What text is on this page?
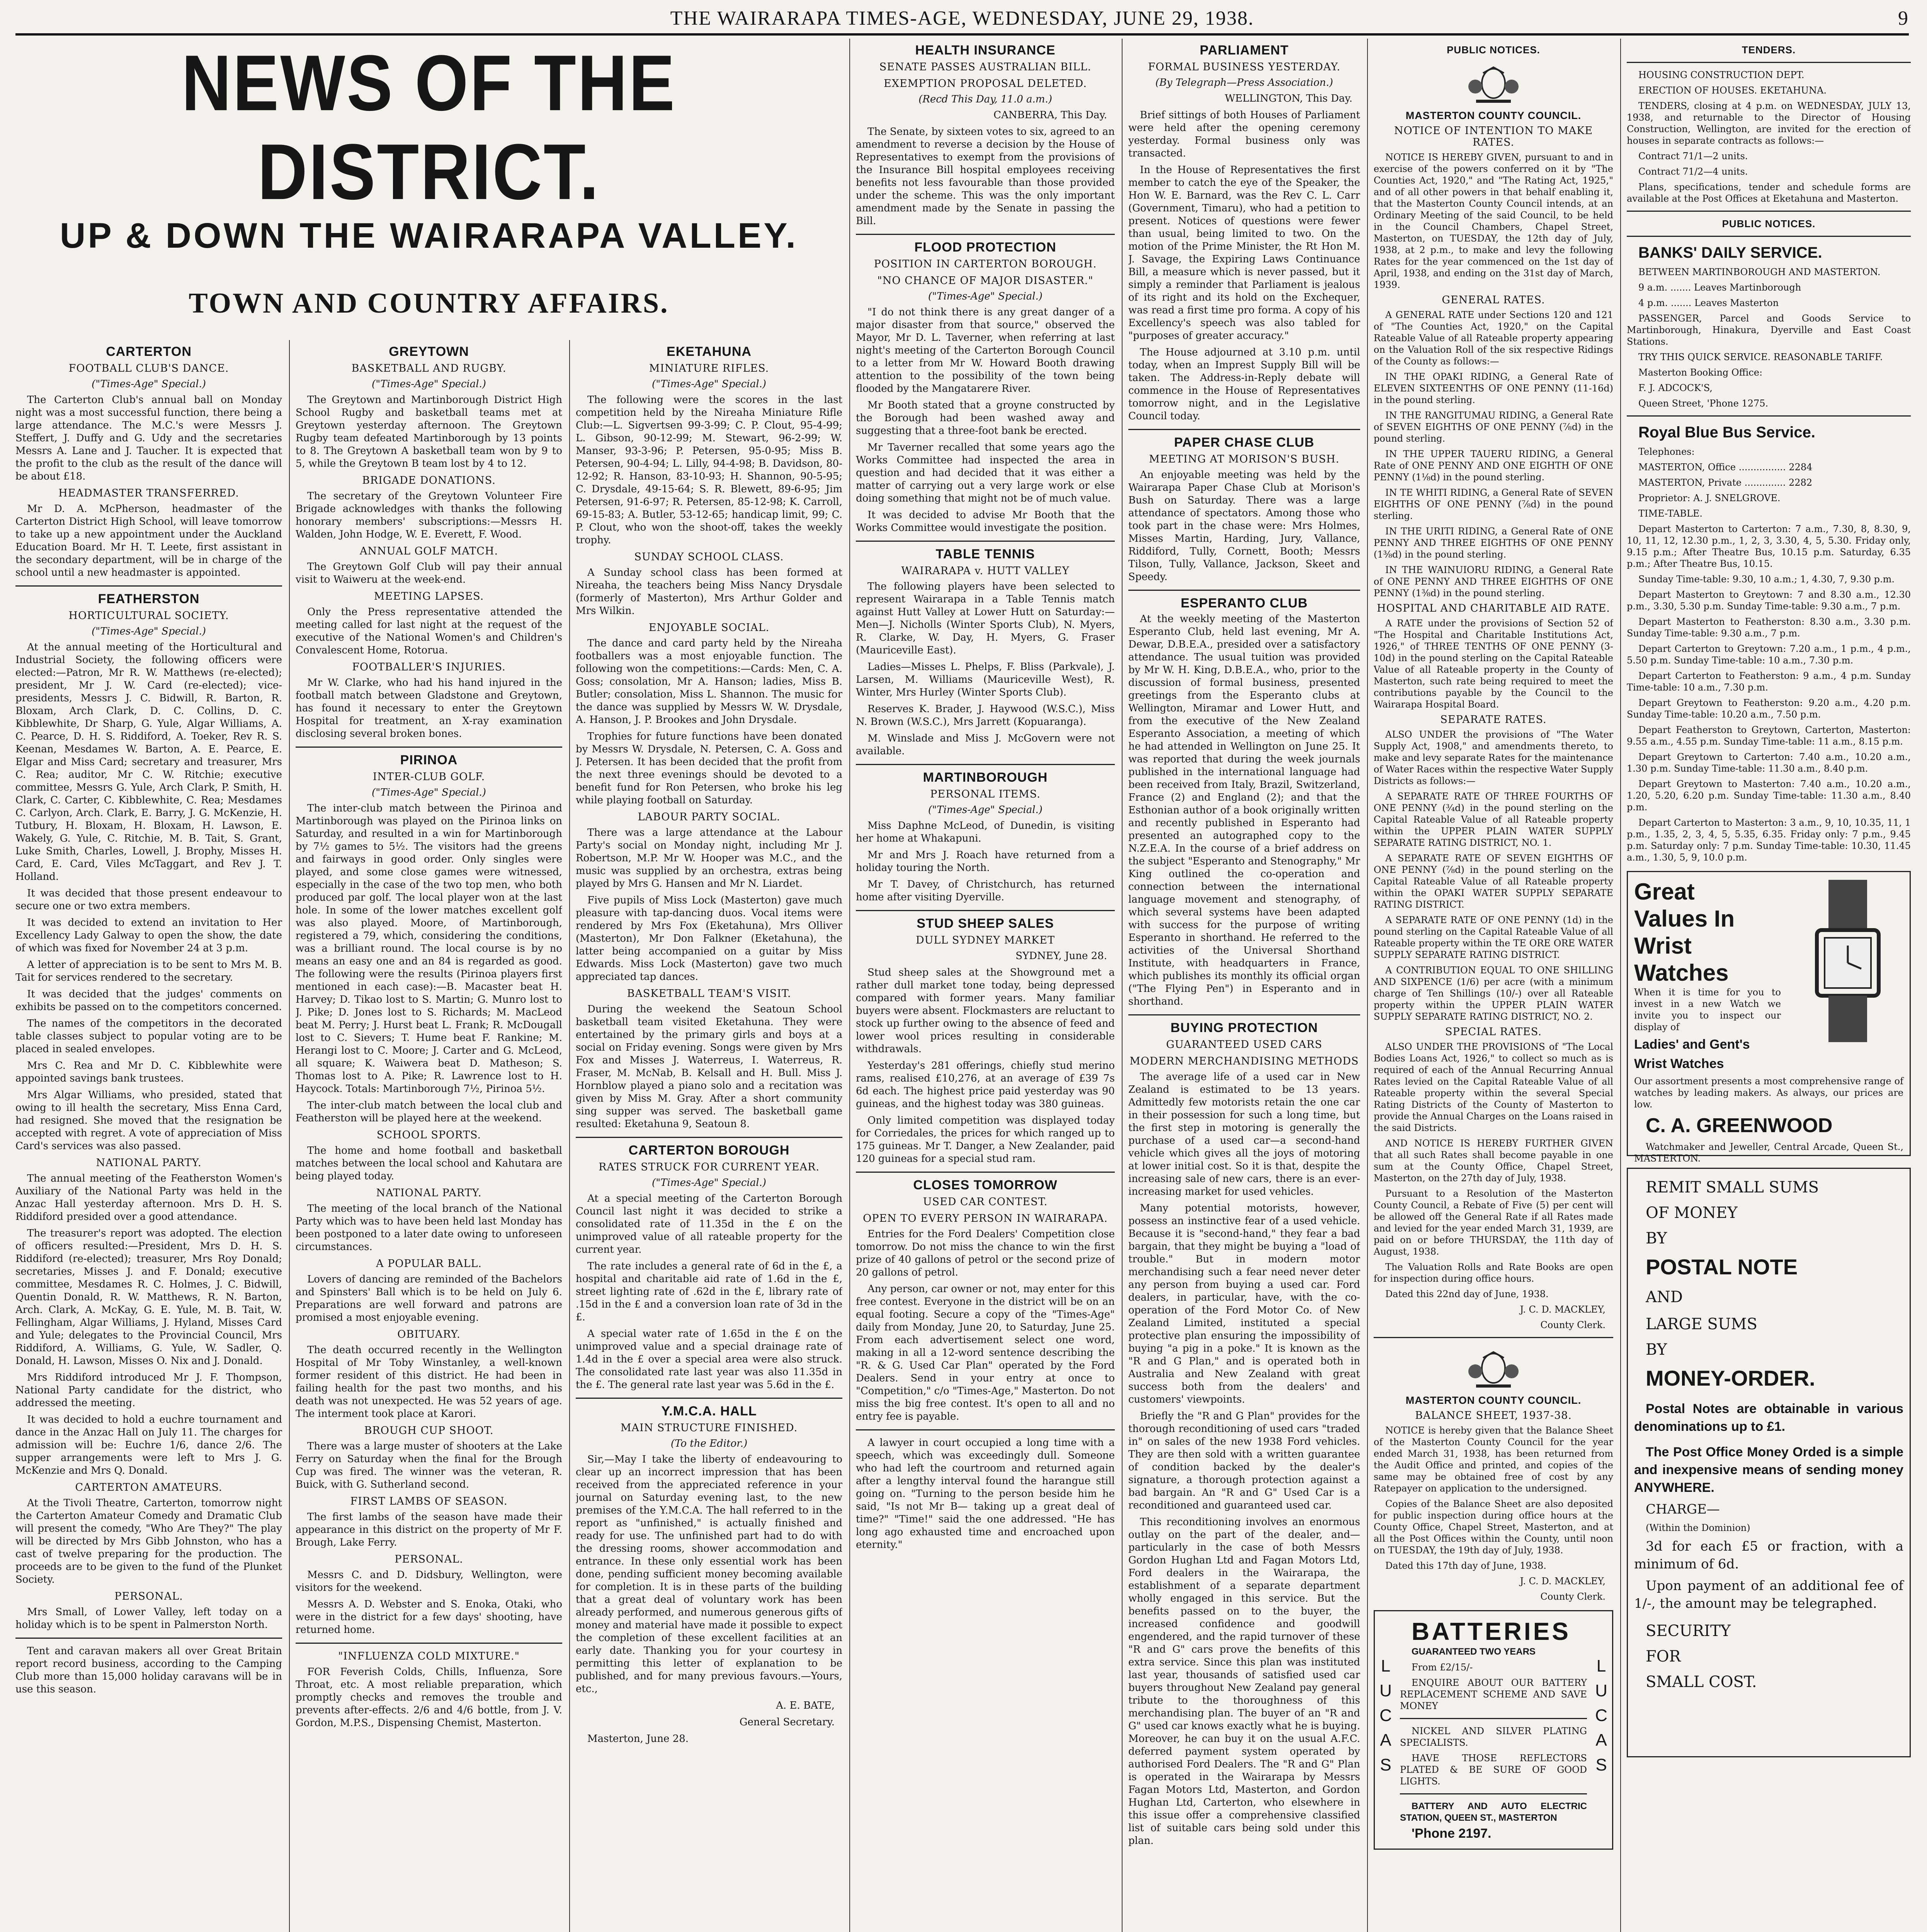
THE WAIRARAPA TIMES-AGE, WEDNESDAY, JUNE 29, 1938.	9
NEWS OF THE DISTRICT.
UP & DOWN THE WAIRARAPA VALLEY.
TOWN AND COUNTRY AFFAIRS.
CARTERTON

FOOTBALL CLUB'S DANCE.

("Times-Age" Special.)

The Carterton Club's annual ball on Monday night was a most successful function, there being a large attendance. The M.C.'s were Messrs J. Steffert, J. Duffy and G. Udy and the secretaries Messrs A. Lane and J. Taucher. It is expected that the profit to the club as the result of the dance will be about £18.

HEADMASTER TRANSFERRED.

Mr D. A. McPherson, headmaster of the Carterton District High School, will leave tomorrow to take up a new appointment under the Auckland Education Board. Mr H. T. Leete, first assistant in the secondary department, will be in charge of the school until a new headmaster is appointed.

FEATHERSTON

HORTICULTURAL SOCIETY.

("Times-Age" Special.)

At the annual meeting of the Horticultural and Industrial Society, the following officers were elected:—Patron, Mr R. W. Matthews (re-elected); president, Mr J. W. Card (re-elected); vice-presidents, Messrs J. C. Bidwill, R. Barton, R. Bloxam, Arch Clark, D. C. Collins, D. C. Kibblewhite, Dr Sharp, G. Yule, Algar Williams, A. C. Pearce, D. H. S. Riddiford, A. Toeker, Rev R. S. Keenan, Mesdames W. Barton, A. E. Pearce, E. Elgar and Miss Card; secretary and treasurer, Mrs C. Rea; auditor, Mr C. W. Ritchie; executive committee, Messrs G. Yule, Arch Clark, P. Smith, H. Clark, C. Carter, C. Kibblewhite, C. Rea; Mesdames C. Carlyon, Arch. Clark, E. Barry, J. G. McKenzie, H. Tutbury, H. Bloxam, H. Bloxam, H. Lawson, E. Wakely, G. Yule, C. Ritchie, M. B. Tait, S. Grant, Luke Smith, Charles, Lowell, J. Brophy, Misses H. Card, E. Card, Viles McTaggart, and Rev J. T. Holland.

It was decided that those present endeavour to secure one or two extra members.

It was decided to extend an invitation to Her Excellency Lady Galway to open the show, the date of which was fixed for November 24 at 3 p.m.

A letter of appreciation is to be sent to Mrs M. B. Tait for services rendered to the secretary.

It was decided that the judges' comments on exhibits be passed on to the competitors concerned.

The names of the competitors in the decorated table classes subject to popular voting are to be placed in sealed envelopes.

Mrs C. Rea and Mr D. C. Kibblewhite were appointed savings bank trustees.

Mrs Algar Williams, who presided, stated that owing to ill health the secretary, Miss Enna Card, had resigned. She moved that the resignation be accepted with regret. A vote of appreciation of Miss Card's services was also passed.

NATIONAL PARTY.

The annual meeting of the Featherston Women's Auxiliary of the National Party was held in the Anzac Hall yesterday afternoon. Mrs D. H. S. Riddiford presided over a good attendance.

The treasurer's report was adopted. The election of officers resulted:—President, Mrs D. H. S. Riddiford (re-elected); treasurer, Mrs Roy Donald; secretaries, Misses J. and F. Donald; executive committee, Mesdames R. C. Holmes, J. C. Bidwill, Quentin Donald, R. W. Matthews, R. N. Barton, Arch. Clark, A. McKay, G. E. Yule, M. B. Tait, W. Fellingham, Algar Williams, J. Hyland, Misses Card and Yule; delegates to the Provincial Council, Mrs Riddiford, A. Williams, G. Yule, W. Sadler, Q. Donald, H. Lawson, Misses O. Nix and J. Donald.

Mrs Riddiford introduced Mr J. F. Thompson, National Party candidate for the district, who addressed the meeting.

It was decided to hold a euchre tournament and dance in the Anzac Hall on July 11. The charges for admission will be: Euchre 1/6, dance 2/6. The supper arrangements were left to Mrs J. G. McKenzie and Mrs Q. Donald.

CARTERTON AMATEURS.

At the Tivoli Theatre, Carterton, tomorrow night the Carterton Amateur Comedy and Dramatic Club will present the comedy, "Who Are They?" The play will be directed by Mrs Gibb Johnston, who has a cast of twelve preparing for the production. The proceeds are to be given to the fund of the Plunket Society.

PERSONAL.

Mrs Small, of Lower Valley, left today on a holiday which is to be spent in Palmerston North.

Tent and caravan makers all over Great Britain report record business, according to the Camping Club more than 15,000 holiday caravans will be in use this season.

GREYTOWN

BASKETBALL AND RUGBY.

("Times-Age" Special.)

The Greytown and Martinborough District High School Rugby and basketball teams met at Greytown yesterday afternoon. The Greytown Rugby team defeated Martinborough by 13 points to 8. The Greytown A basketball team won by 9 to 5, while the Greytown B team lost by 4 to 12.

BRIGADE DONATIONS.

The secretary of the Greytown Volunteer Fire Brigade acknowledges with thanks the following honorary members' subscriptions:—Messrs H. Walden, John Hodge, W. E. Everett, F. Wood.

ANNUAL GOLF MATCH.

The Greytown Golf Club will pay their annual visit to Waiweru at the week-end.

MEETING LAPSES.

Only the Press representative attended the meeting called for last night at the request of the executive of the National Women's and Children's Convalescent Home, Rotorua.

FOOTBALLER'S INJURIES.

Mr W. Clarke, who had his hand injured in the football match between Gladstone and Greytown, has found it necessary to enter the Greytown Hospital for treatment, an X-ray examination disclosing several broken bones.

PIRINOA

INTER-CLUB GOLF.

("Times-Age" Special.)

The inter-club match between the Pirinoa and Martinborough was played on the Pirinoa links on Saturday, and resulted in a win for Martinborough by 7½ games to 5½. The visitors had the greens and fairways in good order. Only singles were played, and some close games were witnessed, especially in the case of the two top men, who both produced par golf. The local player won at the last hole. In some of the lower matches excellent golf was also played. Moore, of Martinborough, registered a 79, which, considering the conditions, was a brilliant round. The local course is by no means an easy one and an 84 is regarded as good. The following were the results (Pirinoa players first mentioned in each case):—B. Macaster beat H. Harvey; D. Tikao lost to S. Martin; G. Munro lost to J. Pike; D. Jones lost to S. Richards; M. MacLeod beat M. Perry; J. Hurst beat L. Frank; R. McDougall lost to C. Sievers; T. Hume beat F. Rankine; M. Herangi lost to C. Moore; J. Carter and G. McLeod, all square; K. Waiwera beat D. Matheson; S. Thomas lost to A. Pike; R. Lawrence lost to H. Haycock. Totals: Martinborough 7½, Pirinoa 5½.

The inter-club match between the local club and Featherston will be played here at the weekend.

SCHOOL SPORTS.

The home and home football and basketball matches between the local school and Kahutara are being played today.

NATIONAL PARTY.

The meeting of the local branch of the National Party which was to have been held last Monday has been postponed to a later date owing to unforeseen circumstances.

A POPULAR BALL.

Lovers of dancing are reminded of the Bachelors and Spinsters' Ball which is to be held on July 6. Preparations are well forward and patrons are promised a most enjoyable evening.

OBITUARY.

The death occurred recently in the Wellington Hospital of Mr Toby Winstanley, a well-known former resident of this district. He had been in failing health for the past two months, and his death was not unexpected. He was 52 years of age. The interment took place at Karori.

BROUGH CUP SHOOT.

There was a large muster of shooters at the Lake Ferry on Saturday when the final for the Brough Cup was fired. The winner was the veteran, R. Buick, with G. Sutherland second.

FIRST LAMBS OF SEASON.

The first lambs of the season have made their appearance in this district on the property of Mr F. Brough, Lake Ferry.

PERSONAL.

Messrs C. and D. Didsbury, Wellington, were visitors for the weekend.

Messrs A. D. Webster and S. Enoka, Otaki, who were in the district for a few days' shooting, have returned home.

"INFLUENZA COLD MIXTURE."

FOR Feverish Colds, Chills, Influenza, Sore Throat, etc. A most reliable preparation, which promptly checks and removes the trouble and prevents after-effects. 2/6 and 4/6 bottle, from J. V. Gordon, M.P.S., Dispensing Chemist, Masterton.

EKETAHUNA

MINIATURE RIFLES.

("Times-Age" Special.)

The following were the scores in the last competition held by the Nireaha Miniature Rifle Club:—L. Sigvertsen 99-3-99; C. P. Clout, 95-4-99; L. Gibson, 90-12-99; M. Stewart, 96-2-99; W. Manser, 93-3-96; P. Petersen, 95-0-95; Miss B. Petersen, 90-4-94; L. Lilly, 94-4-98; B. Davidson, 80-12-92; R. Hanson, 83-10-93; H. Shannon, 90-5-95; C. Drysdale, 49-15-64; S. R. Blewett, 89-6-95; Jim Petersen, 91-6-97; R. Petersen, 85-12-98; K. Carroll, 69-15-83; A. Butler, 53-12-65; handicap limit, 99; C. P. Clout, who won the shoot-off, takes the weekly trophy.

SUNDAY SCHOOL CLASS.

A Sunday school class has been formed at Nireaha, the teachers being Miss Nancy Drysdale (formerly of Masterton), Mrs Arthur Golder and Mrs Wilkin.

ENJOYABLE SOCIAL.

The dance and card party held by the Nireaha footballers was a most enjoyable function. The following won the competitions:—Cards: Men, C. A. Goss; consolation, Mr A. Hanson; ladies, Miss B. Butler; consolation, Miss L. Shannon. The music for the dance was supplied by Messrs W. W. Drysdale, A. Hanson, J. P. Brookes and John Drysdale.

Trophies for future functions have been donated by Messrs W. Drysdale, N. Petersen, C. A. Goss and J. Petersen. It has been decided that the profit from the next three evenings should be devoted to a benefit fund for Ron Petersen, who broke his leg while playing football on Saturday.

LABOUR PARTY SOCIAL.

There was a large attendance at the Labour Party's social on Monday night, including Mr J. Robertson, M.P. Mr W. Hooper was M.C., and the music was supplied by an orchestra, extras being played by Mrs G. Hansen and Mr N. Liardet.

Five pupils of Miss Lock (Masterton) gave much pleasure with tap-dancing duos. Vocal items were rendered by Mrs Fox (Eketahuna), Mrs Olliver (Masterton), Mr Don Falkner (Eketahuna), the latter being accompanied on a guitar by Miss Edwards. Miss Lock (Masterton) gave two much appreciated tap dances.

BASKETBALL TEAM'S VISIT.

During the weekend the Seatoun School basketball team visited Eketahuna. They were entertained by the primary girls and boys at a social on Friday evening. Songs were given by Mrs Fox and Misses J. Waterreus, I. Waterreus, R. Fraser, M. McNab, B. Kelsall and H. Bull. Miss J. Hornblow played a piano solo and a recitation was given by Miss M. Gray. After a short community sing supper was served. The basketball game resulted: Eketahuna 9, Seatoun 8.

CARTERTON BOROUGH

RATES STRUCK FOR CURRENT YEAR.

("Times-Age" Special.)

At a special meeting of the Carterton Borough Council last night it was decided to strike a consolidated rate of 11.35d in the £ on the unimproved value of all rateable property for the current year.

The rate includes a general rate of 6d in the £, a hospital and charitable aid rate of 1.6d in the £, street lighting rate of .62d in the £, library rate of .15d in the £ and a conversion loan rate of 3d in the £.

A special water rate of 1.65d in the £ on the unimproved value and a special drainage rate of 1.4d in the £ over a special area were also struck. The consolidated rate last year was also 11.35d in the £. The general rate last year was 5.6d in the £.

Y.M.C.A. HALL

MAIN STRUCTURE FINISHED.

(To the Editor.)

Sir,—May I take the liberty of endeavouring to clear up an incorrect impression that has been received from the appreciated reference in your journal on Saturday evening last, to the new premises of the Y.M.C.A. The hall referred to in the report as "unfinished," is actually finished and ready for use. The unfinished part had to do with the dressing rooms, shower accommodation and entrance. In these only essential work has been done, pending sufficient money becoming available for completion. It is in these parts of the building that a great deal of voluntary work has been already performed, and numerous generous gifts of money and material have made it possible to expect the completion of these excellent facilities at an early date. Thanking you for your courtesy in permitting this letter of explanation to be published, and for many previous favours.—Yours, etc.,

A. E. BATE,

General Secretary.

Masterton, June 28.

HEALTH INSURANCE

SENATE PASSES AUSTRALIAN BILL.

EXEMPTION PROPOSAL DELETED.

(Recd This Day, 11.0 a.m.)

CANBERRA, This Day.

The Senate, by sixteen votes to six, agreed to an amendment to reverse a decision by the House of Representatives to exempt from the provisions of the Insurance Bill hospital employees receiving benefits not less favourable than those provided under the scheme. This was the only important amendment made by the Senate in passing the Bill.

FLOOD PROTECTION

POSITION IN CARTERTON BOROUGH.

"NO CHANCE OF MAJOR DISASTER."

("Times-Age" Special.)

"I do not think there is any great danger of a major disaster from that source," observed the Mayor, Mr D. L. Taverner, when referring at last night's meeting of the Carterton Borough Council to a letter from Mr W. Howard Booth drawing attention to the possibility of the town being flooded by the Mangatarere River.

Mr Booth stated that a groyne constructed by the Borough had been washed away and suggesting that a three-foot bank be erected.

Mr Taverner recalled that some years ago the Works Committee had inspected the area in question and had decided that it was either a matter of carrying out a very large work or else doing something that might not be of much value.

It was decided to advise Mr Booth that the Works Committee would investigate the position.

TABLE TENNIS

WAIRARAPA v. HUTT VALLEY

The following players have been selected to represent Wairarapa in a Table Tennis match against Hutt Valley at Lower Hutt on Saturday:—Men—J. Nicholls (Winter Sports Club), N. Myers, R. Clarke, W. Day, H. Myers, G. Fraser (Mauriceville East).

Ladies—Misses L. Phelps, F. Bliss (Parkvale), J. Larsen, M. Williams (Mauriceville West), R. Winter, Mrs Hurley (Winter Sports Club).

Reserves K. Brader, J. Haywood (W.S.C.), Miss N. Brown (W.S.C.), Mrs Jarrett (Kopuaranga).

M. Winslade and Miss J. McGovern were not available.

MARTINBOROUGH

PERSONAL ITEMS.

("Times-Age" Special.)

Miss Daphne McLeod, of Dunedin, is visiting her home at Whakapuni.

Mr and Mrs J. Roach have returned from a holiday touring the North.

Mr T. Davey, of Christchurch, has returned home after visiting Dyerville.

STUD SHEEP SALES

DULL SYDNEY MARKET

SYDNEY, June 28.

Stud sheep sales at the Showground met a rather dull market tone today, being depressed compared with former years. Many familiar buyers were absent. Flockmasters are reluctant to stock up further owing to the absence of feed and lower wool prices resulting in considerable withdrawals.

Yesterday's 281 offerings, chiefly stud merino rams, realised £10,276, at an average of £39 7s 6d each. The highest price paid yesterday was 90 guineas, and the highest today was 380 guineas.

Only limited competition was displayed today for Corriedales, the prices for which ranged up to 175 guineas. Mr T. Danger, a New Zealander, paid 120 guineas for a special stud ram.

CLOSES TOMORROW

USED CAR CONTEST.

OPEN TO EVERY PERSON IN WAIRARAPA.

Entries for the Ford Dealers' Competition close tomorrow. Do not miss the chance to win the first prize of 40 gallons of petrol or the second prize of 20 gallons of petrol.

Any person, car owner or not, may enter for this free contest. Everyone in the district will be on an equal footing. Secure a copy of the "Times-Age" daily from Monday, June 20, to Saturday, June 25. From each advertisement select one word, making in all a 12-word sentence describing the "R. & G. Used Car Plan" operated by the Ford Dealers. Send in your entry at once to "Competition," c/o "Times-Age," Masterton. Do not miss the big free contest. It's open to all and no entry fee is payable.

A lawyer in court occupied a long time with a speech, which was exceedingly dull. Someone who had left the courtroom and returned again after a lengthy interval found the harangue still going on. "Turning to the person beside him he said, "Is not Mr B— taking up a great deal of time?" "Time!" said the one addressed. "He has long ago exhausted time and encroached upon eternity."

PARLIAMENT

FORMAL BUSINESS YESTERDAY.

(By Telegraph—Press Association.)

WELLINGTON, This Day.

Brief sittings of both Houses of Parliament were held after the opening ceremony yesterday. Formal business only was transacted.

In the House of Representatives the first member to catch the eye of the Speaker, the Hon W. E. Barnard, was the Rev C. L. Carr (Government, Timaru), who had a petition to present. Notices of questions were fewer than usual, being limited to two. On the motion of the Prime Minister, the Rt Hon M. J. Savage, the Expiring Laws Continuance Bill, a measure which is never passed, but it simply a reminder that Parliament is jealous of its right and its hold on the Exchequer, was read a first time pro forma. A copy of his Excellency's speech was also tabled for "purposes of greater accuracy."

The House adjourned at 3.10 p.m. until today, when an Imprest Supply Bill will be taken. The Address-in-Reply debate will commence in the House of Representatives tomorrow night, and in the Legislative Council today.

PAPER CHASE CLUB

MEETING AT MORISON'S BUSH.

An enjoyable meeting was held by the Wairarapa Paper Chase Club at Morison's Bush on Saturday. There was a large attendance of spectators. Among those who took part in the chase were: Mrs Holmes, Misses Martin, Harding, Jury, Vallance, Riddiford, Tully, Cornett, Booth; Messrs Tilson, Tully, Vallance, Jackson, Skeet and Speedy.

ESPERANTO CLUB

At the weekly meeting of the Masterton Esperanto Club, held last evening, Mr A. Dewar, D.B.E.A., presided over a satisfactory attendance. The usual tuition was provided by Mr W. H. King, D.B.E.A., who, prior to the discussion of formal business, presented greetings from the Esperanto clubs at Wellington, Miramar and Lower Hutt, and from the executive of the New Zealand Esperanto Association, a meeting of which he had attended in Wellington on June 25. It was reported that during the week journals published in the international language had been received from Italy, Brazil, Switzerland, France (2) and England (2); and that the Esthonian author of a book originally written and recently published in Esperanto had presented an autographed copy to the N.Z.E.A. In the course of a brief address on the subject "Esperanto and Stenography," Mr King outlined the co-operation and connection between the international language movement and stenography, of which several systems have been adapted with success for the purpose of writing Esperanto in shorthand. He referred to the activities of the Universal Shorthand Institute, with headquarters in France, which publishes its monthly its official organ ("The Flying Pen") in Esperanto and in shorthand.

BUYING PROTECTION

GUARANTEED USED CARS

MODERN MERCHANDISING METHODS

The average life of a used car in New Zealand is estimated to be 13 years. Admittedly few motorists retain the one car in their possession for such a long time, but the first step in motoring is generally the purchase of a used car—a second-hand vehicle which gives all the joys of motoring at lower initial cost. So it is that, despite the increasing sale of new cars, there is an ever-increasing market for used vehicles.

Many potential motorists, however, possess an instinctive fear of a used vehicle. Because it is "second-hand," they fear a bad bargain, that they might be buying a "load of trouble." But in modern motor merchandising such a fear need never deter any person from buying a used car. Ford dealers, in particular, have, with the co-operation of the Ford Motor Co. of New Zealand Limited, instituted a special protective plan ensuring the impossibility of buying "a pig in a poke." It is known as the "R and G Plan," and is operated both in Australia and New Zealand with great success both from the dealers' and customers' viewpoints.

Briefly the "R and G Plan" provides for the thorough reconditioning of used cars "traded in" on sales of the new 1938 Ford vehicles. They are then sold with a written guarantee of condition backed by the dealer's signature, a thorough protection against a bad bargain. An "R and G" Used Car is a reconditioned and guaranteed used car.

This reconditioning involves an enormous outlay on the part of the dealer, and—particularly in the case of both Messrs Gordon Hughan Ltd and Fagan Motors Ltd, Ford dealers in the Wairarapa, the establishment of a separate department wholly engaged in this service. But the benefits passed on to the buyer, the increased confidence and goodwill engendered, and the rapid turnover of these "R and G" cars prove the benefits of this extra service. Since this plan was instituted last year, thousands of satisfied used car buyers throughout New Zealand pay general tribute to the thoroughness of this merchandising plan. The buyer of an "R and G" used car knows exactly what he is buying. Moreover, he can buy it on the usual A.F.C. deferred payment system operated by authorised Ford Dealers. The "R and G" Plan is operated in the Wairarapa by Messrs Fagan Motors Ltd, Masterton, and Gordon Hughan Ltd, Carterton, who elsewhere in this issue offer a comprehensive classified list of suitable cars being sold under this plan.

PUBLIC NOTICES.

MASTERTON COUNTY COUNCIL.

NOTICE OF INTENTION TO MAKE RATES.

NOTICE IS HEREBY GIVEN, pursuant to and in exercise of the powers conferred on it by "The Counties Act, 1920," and "The Rating Act, 1925," and of all other powers in that behalf enabling it, that the Masterton County Council intends, at an Ordinary Meeting of the said Council, to be held in the Council Chambers, Chapel Street, Masterton, on TUESDAY, the 12th day of July, 1938, at 2 p.m., to make and levy the following Rates for the year commenced on the 1st day of April, 1938, and ending on the 31st day of March, 1939.

GENERAL RATES.

A GENERAL RATE under Sections 120 and 121 of "The Counties Act, 1920," on the Capital Rateable Value of all Rateable property appearing on the Valuation Roll of the six respective Ridings of the County as follows:—

IN THE OPAKI RIDING, a General Rate of ELEVEN SIXTEENTHS OF ONE PENNY (11-16d) in the pound sterling.

IN THE RANGITUMAU RIDING, a General Rate of SEVEN EIGHTHS OF ONE PENNY (⅞d) in the pound sterling.

IN THE UPPER TAUERU RIDING, a General Rate of ONE PENNY AND ONE EIGHTH OF ONE PENNY (1⅛d) in the pound sterling.

IN TE WHITI RIDING, a General Rate of SEVEN EIGHTHS OF ONE PENNY (⅞d) in the pound sterling.

IN THE URITI RIDING, a General Rate of ONE PENNY AND THREE EIGHTHS OF ONE PENNY (1⅜d) in the pound sterling.

IN THE WAINUIORU RIDING, a General Rate of ONE PENNY AND THREE EIGHTHS OF ONE PENNY (1⅜d) in the pound sterling.

HOSPITAL AND CHARITABLE AID RATE.

A RATE under the provisions of Section 52 of "The Hospital and Charitable Institutions Act, 1926," of THREE TENTHS OF ONE PENNY (3-10d) in the pound sterling on the Capital Rateable Value of all Rateable property in the County of Masterton, such rate being required to meet the contributions payable by the Council to the Wairarapa Hospital Board.

SEPARATE RATES.

ALSO UNDER the provisions of "The Water Supply Act, 1908," and amendments thereto, to make and levy separate Rates for the maintenance of Water Races within the respective Water Supply Districts as follows:—

A SEPARATE RATE OF THREE FOURTHS OF ONE PENNY (¾d) in the pound sterling on the Capital Rateable Value of all Rateable property within the UPPER PLAIN WATER SUPPLY SEPARATE RATING DISTRICT, NO. 1.

A SEPARATE RATE OF SEVEN EIGHTHS OF ONE PENNY (⅞d) in the pound sterling on the Capital Rateable Value of all Rateable property within the OPAKI WATER SUPPLY SEPARATE RATING DISTRICT.

A SEPARATE RATE OF ONE PENNY (1d) in the pound sterling on the Capital Rateable Value of all Rateable property within the TE ORE ORE WATER SUPPLY SEPARATE RATING DISTRICT.

A CONTRIBUTION EQUAL TO ONE SHILLING AND SIXPENCE (1/6) per acre (with a minimum charge of Ten Shillings (10/-) over all Rateable property within the UPPER PLAIN WATER SUPPLY SEPARATE RATING DISTRICT, NO. 2.

SPECIAL RATES.

ALSO UNDER THE PROVISIONS of "The Local Bodies Loans Act, 1926," to collect so much as is required of each of the Annual Recurring Annual Rates levied on the Capital Rateable Value of all Rateable property within the several Special Rating Districts of the County of Masterton to provide the Annual Charges on the Loans raised in the said Districts.

AND NOTICE IS HEREBY FURTHER GIVEN that all such Rates shall become payable in one sum at the County Office, Chapel Street, Masterton, on the 27th day of July, 1938.

Pursuant to a Resolution of the Masterton County Council, a Rebate of Five (5) per cent will be allowed off the General Rate if all Rates made and levied for the year ended March 31, 1939, are paid on or before THURSDAY, the 11th day of August, 1938.

The Valuation Rolls and Rate Books are open for inspection during office hours.

Dated this 22nd day of June, 1938.

J. C. D. MACKLEY,

County Clerk.

MASTERTON COUNTY COUNCIL.

BALANCE SHEET, 1937-38.

NOTICE is hereby given that the Balance Sheet of the Masterton County Council for the year ended March 31, 1938, has been returned from the Audit Office and printed, and copies of the same may be obtained free of cost by any Ratepayer on application to the undersigned.

Copies of the Balance Sheet are also deposited for public inspection during office hours at the County Office, Chapel Street, Masterton, and at all the Post Offices within the County, until noon on TUESDAY, the 19th day of July, 1938.

Dated this 17th day of June, 1938.

J. C. D. MACKLEY,

County Clerk.

L
U
C
A
S
L
U
C
A
S

BATTERIES

GUARANTEED TWO YEARS

From £2/15/-

ENQUIRE ABOUT OUR BATTERY REPLACEMENT SCHEME AND SAVE MONEY

NICKEL AND SILVER PLATING SPECIALISTS.

HAVE THOSE REFLECTORS PLATED & BE SURE OF GOOD LIGHTS.

BATTERY AND AUTO ELECTRIC STATION, QUEEN ST., MASTERTON

'Phone 2197.

TENDERS.

HOUSING CONSTRUCTION DEPT.

ERECTION OF HOUSES. EKETAHUNA.

TENDERS, closing at 4 p.m. on WEDNESDAY, JULY 13, 1938, and returnable to the Director of Housing Construction, Wellington, are invited for the erection of houses in separate contracts as follows:—

Contract 71/1—2 units.

Contract 71/2—4 units.

Plans, specifications, tender and schedule forms are available at the Post Offices at Eketahuna and Masterton.

PUBLIC NOTICES.

BANKS' DAILY SERVICE.

BETWEEN MARTINBOROUGH AND MASTERTON.

9 a.m. ....... Leaves Martinborough

4 p.m. ....... Leaves Masterton

PASSENGER, Parcel and Goods Service to Martinborough, Hinakura, Dyerville and East Coast Stations.

TRY THIS QUICK SERVICE. REASONABLE TARIFF.

Masterton Booking Office:

F. J. ADCOCK'S,

Queen Street, 'Phone 1275.

Royal Blue Bus Service.

Telephones:

MASTERTON, Office ................ 2284

MASTERTON, Private .............. 2282

Proprietor: A. J. SNELGROVE.

TIME-TABLE.

Depart Masterton to Carterton: 7 a.m., 7.30, 8, 8.30, 9, 10, 11, 12, 12.30 p.m., 1, 2, 3, 3.30, 4, 5, 5.30. Friday only, 9.15 p.m.; After Theatre Bus, 10.15 p.m. Saturday, 6.35 p.m.; After Theatre Bus, 10.15.

Sunday Time-table: 9.30, 10 a.m.; 1, 4.30, 7, 9.30 p.m.

Depart Masterton to Greytown: 7 and 8.30 a.m., 12.30 p.m., 3.30, 5.30 p.m. Sunday Time-table: 9.30 a.m., 7 p.m.

Depart Masterton to Featherston: 8.30 a.m., 3.30 p.m. Sunday Time-table: 9.30 a.m., 7 p.m.

Depart Carterton to Greytown: 7.20 a.m., 1 p.m., 4 p.m., 5.50 p.m. Sunday Time-table: 10 a.m., 7.30 p.m.

Depart Carterton to Featherston: 9 a.m., 4 p.m. Sunday Time-table: 10 a.m., 7.30 p.m.

Depart Greytown to Featherston: 9.20 a.m., 4.20 p.m. Sunday Time-table: 10.20 a.m., 7.50 p.m.

Depart Featherston to Greytown, Carterton, Masterton: 9.55 a.m., 4.55 p.m. Sunday Time-table: 11 a.m., 8.15 p.m.

Depart Greytown to Carterton: 7.40 a.m., 10.20 a.m., 1.30 p.m. Sunday Time-table: 11.30 a.m., 8.40 p.m.

Depart Greytown to Masterton: 7.40 a.m., 10.20 a.m., 1.20, 5.20, 6.20 p.m. Sunday Time-table: 11.30 a.m., 8.40 p.m.

Depart Carterton to Masterton: 3 a.m., 9, 10, 10.35, 11, 1 p.m., 1.35, 2, 3, 4, 5, 5.35, 6.35. Friday only: 7 p.m., 9.45 p.m. Saturday only: 7 p.m. Sunday Time-table: 10.30, 11.45 a.m., 1.30, 5, 9, 10.0 p.m.

Great
Values In
Wrist
Watches

When it is time for you to invest in a new Watch we invite you to inspect our display of

Ladies' and Gent's

Wrist Watches

Our assortment presents a most comprehensive range of watches by leading makers. As always, our prices are low.

C. A. GREENWOOD

Watchmaker and Jeweller, Central Arcade, Queen St., MASTERTON.

REMIT SMALL SUMS

OF MONEY

BY

POSTAL NOTE

AND

LARGE SUMS

BY

MONEY-ORDER.

Postal Notes are obtainable in various denominations up to £1.

The Post Office Money Orded is a simple and inexpensive means of sending money ANYWHERE.

CHARGE—

(Within the Dominion)

3d for each £5 or fraction, with a minimum of 6d.

Upon payment of an additional fee of 1/-, the amount may be telegraphed.

SECURITY

FOR

SMALL COST.
